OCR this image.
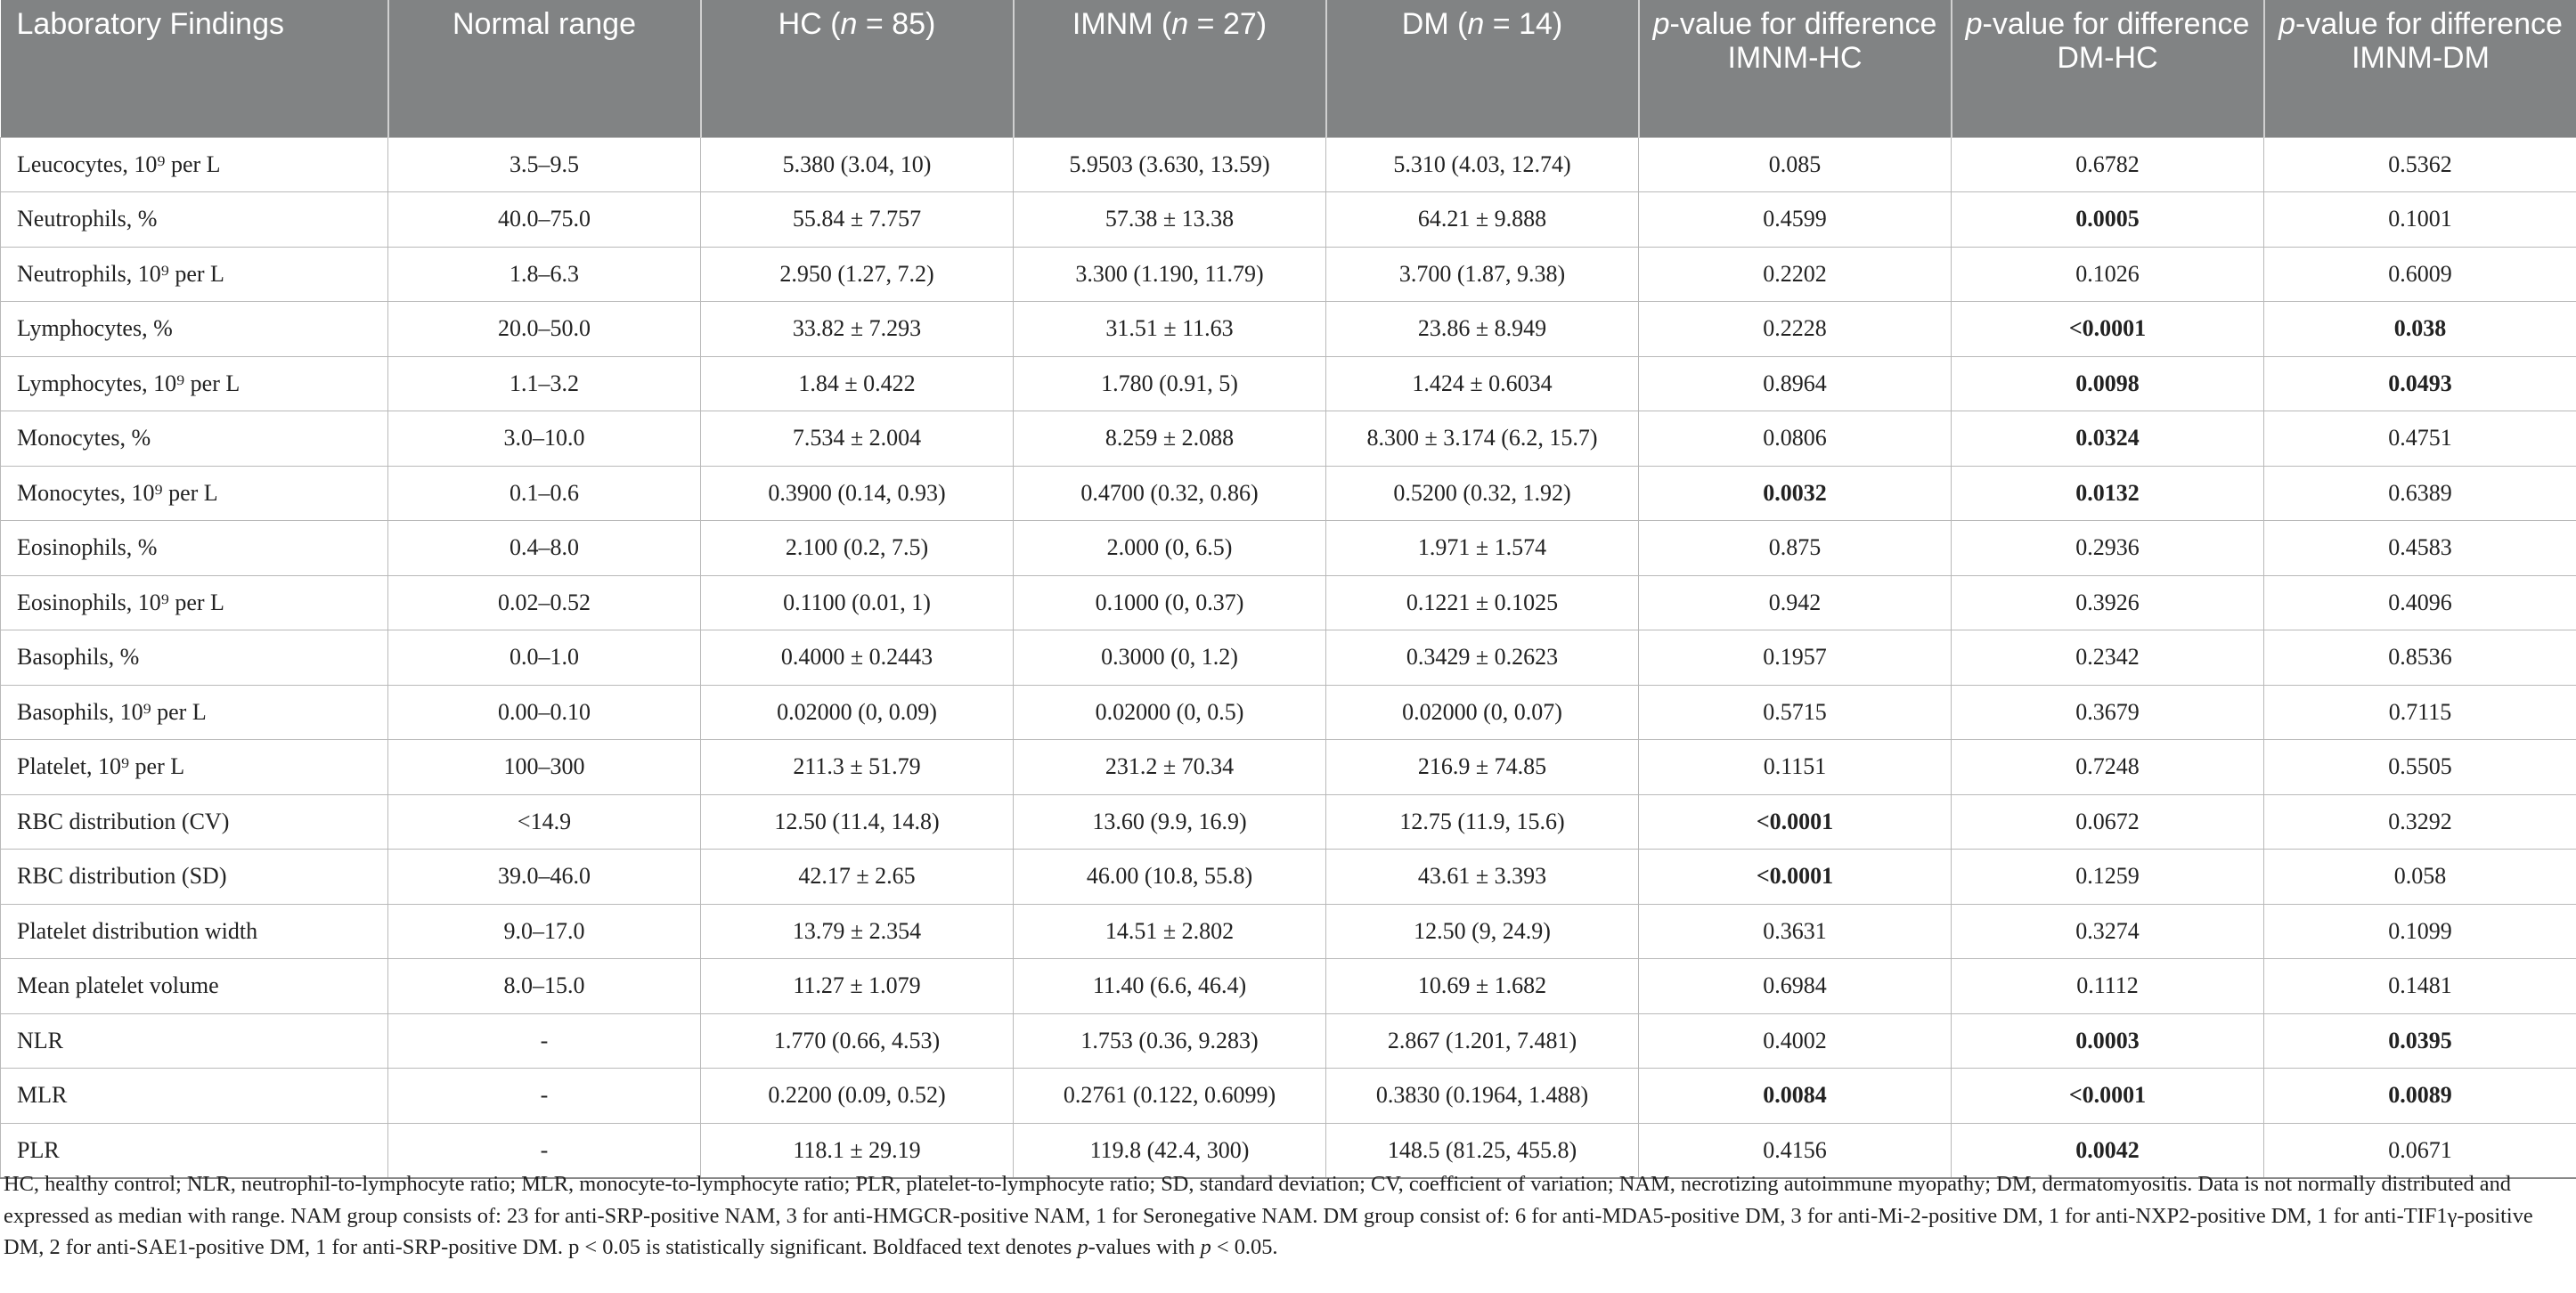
Laboratory Findings	Normal range	HC (n = 85)	IMNM (n = 27)	DM (n = 14)	p-value for difference IMNM-HC	p-value for difference DM-HC	p-value for difference IMNM-DM
Leucocytes, 10⁹ per L	3.5–9.5	5.380 (3.04, 10)	5.9503 (3.630, 13.59)	5.310 (4.03, 12.74)	0.085	0.6782	0.5362
Neutrophils, %	40.0–75.0	55.84 ± 7.757	57.38 ± 13.38	64.21 ± 9.888	0.4599	0.0005	0.1001
Neutrophils, 10⁹ per L	1.8–6.3	2.950 (1.27, 7.2)	3.300 (1.190, 11.79)	3.700 (1.87, 9.38)	0.2202	0.1026	0.6009
Lymphocytes, %	20.0–50.0	33.82 ± 7.293	31.51 ± 11.63	23.86 ± 8.949	0.2228	<0.0001	0.038
Lymphocytes, 10⁹ per L	1.1–3.2	1.84 ± 0.422	1.780 (0.91, 5)	1.424 ± 0.6034	0.8964	0.0098	0.0493
Monocytes, %	3.0–10.0	7.534 ± 2.004	8.259 ± 2.088	8.300 ± 3.174 (6.2, 15.7)	0.0806	0.0324	0.4751
Monocytes, 10⁹ per L	0.1–0.6	0.3900 (0.14, 0.93)	0.4700 (0.32, 0.86)	0.5200 (0.32, 1.92)	0.0032	0.0132	0.6389
Eosinophils, %	0.4–8.0	2.100 (0.2, 7.5)	2.000 (0, 6.5)	1.971 ± 1.574	0.875	0.2936	0.4583
Eosinophils, 10⁹ per L	0.02–0.52	0.1100 (0.01, 1)	0.1000 (0, 0.37)	0.1221 ± 0.1025	0.942	0.3926	0.4096
Basophils, %	0.0–1.0	0.4000 ± 0.2443	0.3000 (0, 1.2)	0.3429 ± 0.2623	0.1957	0.2342	0.8536
Basophils, 10⁹ per L	0.00–0.10	0.02000 (0, 0.09)	0.02000 (0, 0.5)	0.02000 (0, 0.07)	0.5715	0.3679	0.7115
Platelet, 10⁹ per L	100–300	211.3 ± 51.79	231.2 ± 70.34	216.9 ± 74.85	0.1151	0.7248	0.5505
RBC distribution (CV)	<14.9	12.50 (11.4, 14.8)	13.60 (9.9, 16.9)	12.75 (11.9, 15.6)	<0.0001	0.0672	0.3292
RBC distribution (SD)	39.0–46.0	42.17 ± 2.65	46.00 (10.8, 55.8)	43.61 ± 3.393	<0.0001	0.1259	0.058
Platelet distribution width	9.0–17.0	13.79 ± 2.354	14.51 ± 2.802	12.50 (9, 24.9)	0.3631	0.3274	0.1099
Mean platelet volume	8.0–15.0	11.27 ± 1.079	11.40 (6.6, 46.4)	10.69 ± 1.682	0.6984	0.1112	0.1481
NLR	-	1.770 (0.66, 4.53)	1.753 (0.36, 9.283)	2.867 (1.201, 7.481)	0.4002	0.0003	0.0395
MLR	-	0.2200 (0.09, 0.52)	0.2761 (0.122, 0.6099)	0.3830 (0.1964, 1.488)	0.0084	<0.0001	0.0089
PLR	-	118.1 ± 29.19	119.8 (42.4, 300)	148.5 (81.25, 455.8)	0.4156	0.0042	0.0671
HC, healthy control; NLR, neutrophil-to-lymphocyte ratio; MLR, monocyte-to-lymphocyte ratio; PLR, platelet-to-lymphocyte ratio; SD, standard deviation; CV, coefficient of variation; NAM, necrotizing autoimmune myopathy; DM, dermatomyositis. Data is not normally distributed and expressed as median with range. NAM group consists of: 23 for anti-SRP-positive NAM, 3 for anti-HMGCR-positive NAM, 1 for Seronegative NAM. DM group consist of: 6 for anti-MDA5-positive DM, 3 for anti-Mi-2-positive DM, 1 for anti-NXP2-positive DM, 1 for anti-TIF1γ-positive DM, 2 for anti-SAE1-positive DM, 1 for anti-SRP-positive DM. p < 0.05 is statistically significant. Boldfaced text denotes p-values with p < 0.05.
